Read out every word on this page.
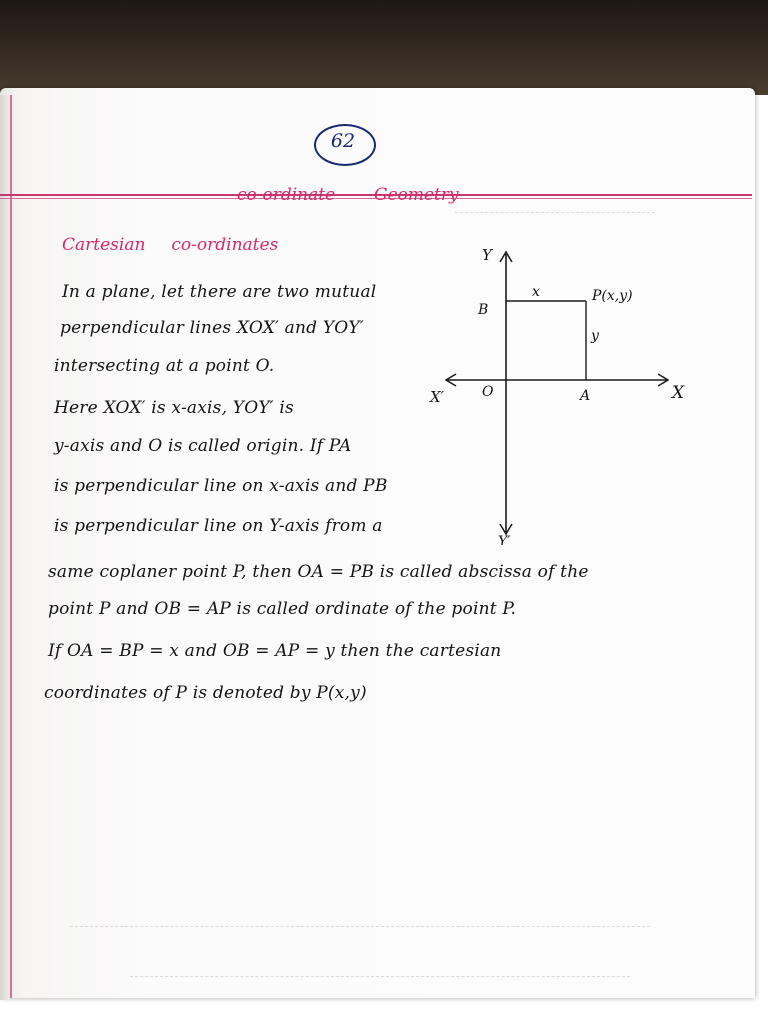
62
co-ordinate Geometry
Cartesian co-ordinates
In a plane, let there are two mutual
perpendicular lines XOX′ and YOY′
intersecting at a point O.
Here XOX′ is x-axis, YOY′ is
y-axis and O is called origin. If PA
is perpendicular line on x-axis and PB
is perpendicular line on Y-axis from a
same coplaner point P, then OA = PB is called abscissa of the
point P and OB = AP is called ordinate of the point P.
If OA = BP = x and OB = AP = y then the cartesian
coordinates of P is denoted by P(x,y)
Y
Y′
X′	X
O	A
B
P(x,y)
x
y
